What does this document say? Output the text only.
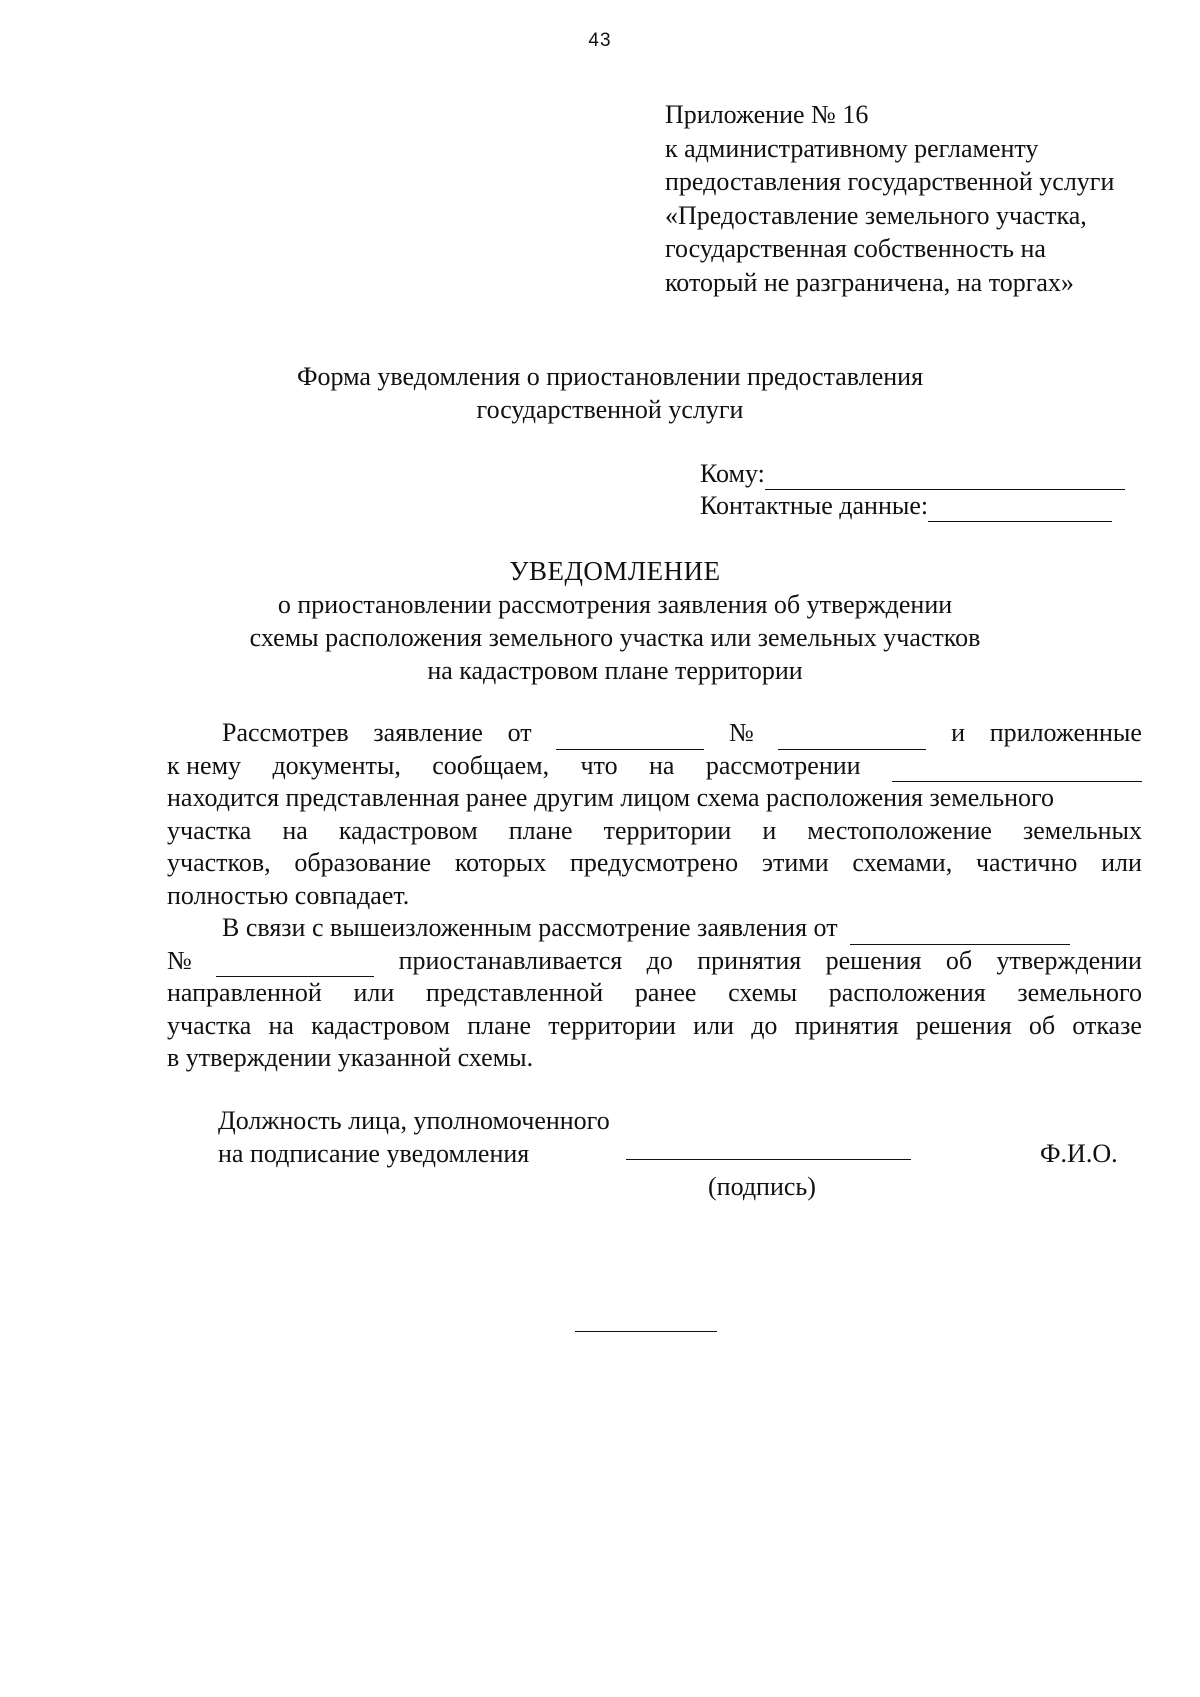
43
Приложение № 16
к административному регламенту
предоставления государственной услуги
«Предоставление земельного участка,
государственная собственность на
который не разграничена, на торгах»
Форма уведомления о приостановлении предоставления
государственной услуги
Кому:
Контактные данные:
УВЕДОМЛЕНИЕ
о приостановлении рассмотрения заявления об утверждении
схемы расположения земельного участка или земельных участков
на кадастровом плане территории
Рассмотрев заявление от	№	и приложенные
к нему документы, сообщаем, что на рассмотрении
находится представленная ранее другим лицом схема расположения земельного
участка на кадастровом плане территории и местоположение земельных
участков, образование которых предусмотрено этими схемами, частично или
полностью совпадает.
В связи с вышеизложенным рассмотрение заявления от
№	приостанавливается до принятия решения об утверждении
направленной или представленной ранее схемы расположения земельного
участка на кадастровом плане территории или до принятия решения об отказе
в утверждении указанной схемы.
Должность лица, уполномоченного
на подписание уведомления	Ф.И.О.
(подпись)
